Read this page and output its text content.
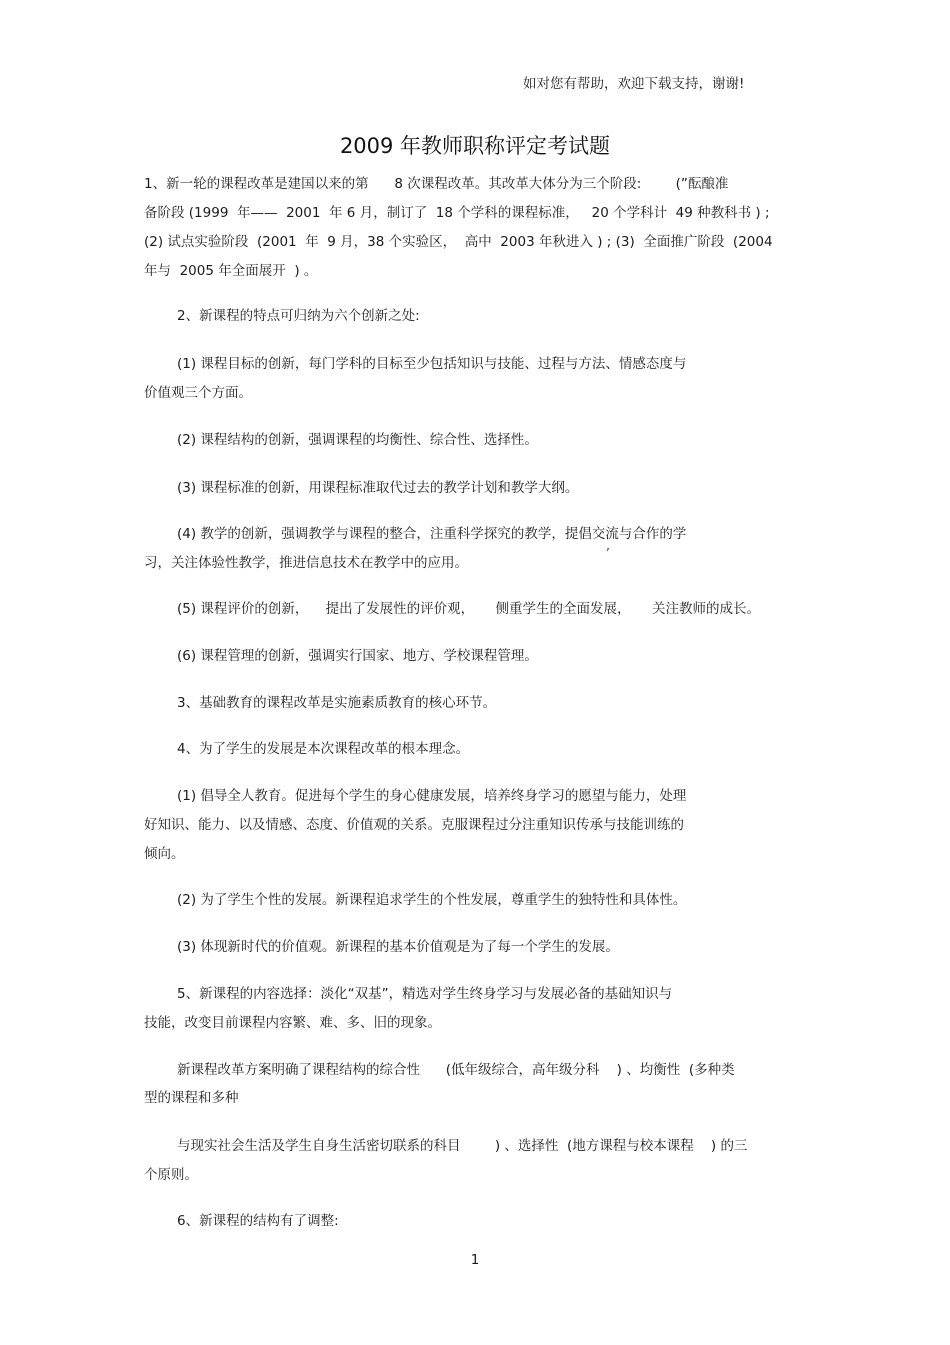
如对您有帮助，欢迎下载支持，谢谢!
2009 年教师职称评定考试题
1、新一轮的课程改革是建国以来的第      8 次课程改革。其改革大体分为三个阶段:        (”酝酿准
备阶段 (1999  年——  2001  年 6 月，制订了  18 个学科的课程标准，   20 个学科计  49 种教科书 ) ;
(2) 试点实验阶段  (2001  年  9 月，38 个实验区，  高中  2003 年秋进入 ) ; (3)  全面推广阶段  (2004
年与  2005 年全面展开  ) 。
2、新课程的特点可归纳为六个创新之处:
(1) 课程目标的创新，每门学科的目标至少包括知识与技能、过程与方法、情感态度与
价值观三个方面。
(2) 课程结构的创新，强调课程的均衡性、综合性、选择性。
(3) 课程标准的创新，用课程标准取代过去的教学计划和教学大纲。
(4) 教学的创新，强调教学与课程的整合，注重科学探究的教学，提倡交流与合作的学
习，关注体验性教学，推进信息技术在教学中的应用。
’
(5) 课程评价的创新，    提出了发展性的评价观，     侧重学生的全面发展，     关注教师的成长。
(6) 课程管理的创新，强调实行国家、地方、学校课程管理。
3、基础教育的课程改革是实施素质教育的核心环节。
4、为了学生的发展是本次课程改革的根本理念。
(1) 倡导全人教育。促进每个学生的身心健康发展，培养终身学习的愿望与能力，处理
好知识、能力、以及情感、态度、价值观的关系。克服课程过分注重知识传承与技能训练的
倾向。
(2) 为了学生个性的发展。新课程追求学生的个性发展，尊重学生的独特性和具体性。
(3) 体现新时代的价值观。新课程的基本价值观是为了每一个学生的发展。
5、新课程的内容选择：淡化“双基”，精选对学生终身学习与发展必备的基础知识与
技能，改变目前课程内容繁、难、多、旧的现象。
新课程改革方案明确了课程结构的综合性      (低年级综合，高年级分科    ) 、均衡性  (多种类
型的课程和多种
与现实社会生活及学生自身生活密切联系的科目        ) 、选择性  (地方课程与校本课程    ) 的三
个原则。
6、新课程的结构有了调整:
1
